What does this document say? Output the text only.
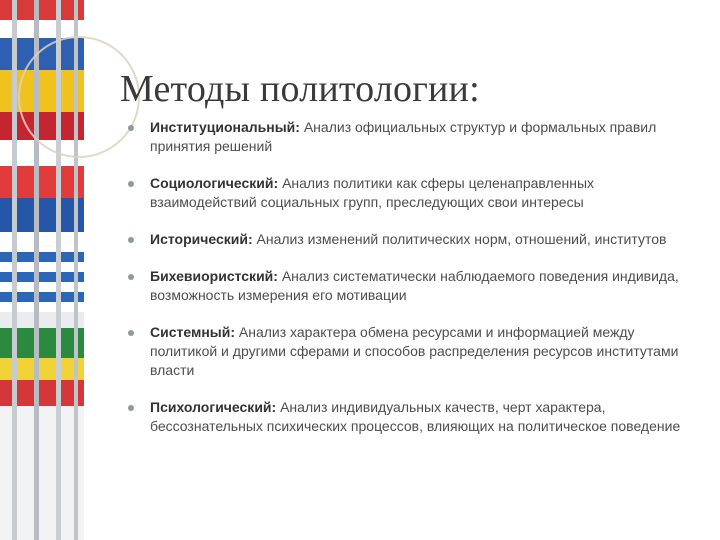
Методы политологии:
Институциональный: Анализ официальных структур и формальных правил принятия решений
Социологический: Анализ политики как сферы целенаправленных взаимодействий социальных групп, преследующих свои интересы
Исторический: Анализ изменений политических норм, отношений, институтов
Бихевиористский: Анализ систематически наблюдаемого поведения индивида, возможность измерения его мотивации
Системный: Анализ характера обмена ресурсами и информацией между политикой и другими сферами и способов распределения ресурсов институтами власти
Психологический: Анализ индивидуальных качеств, черт характера, бессознательных психических процессов, влияющих на политическое поведение
